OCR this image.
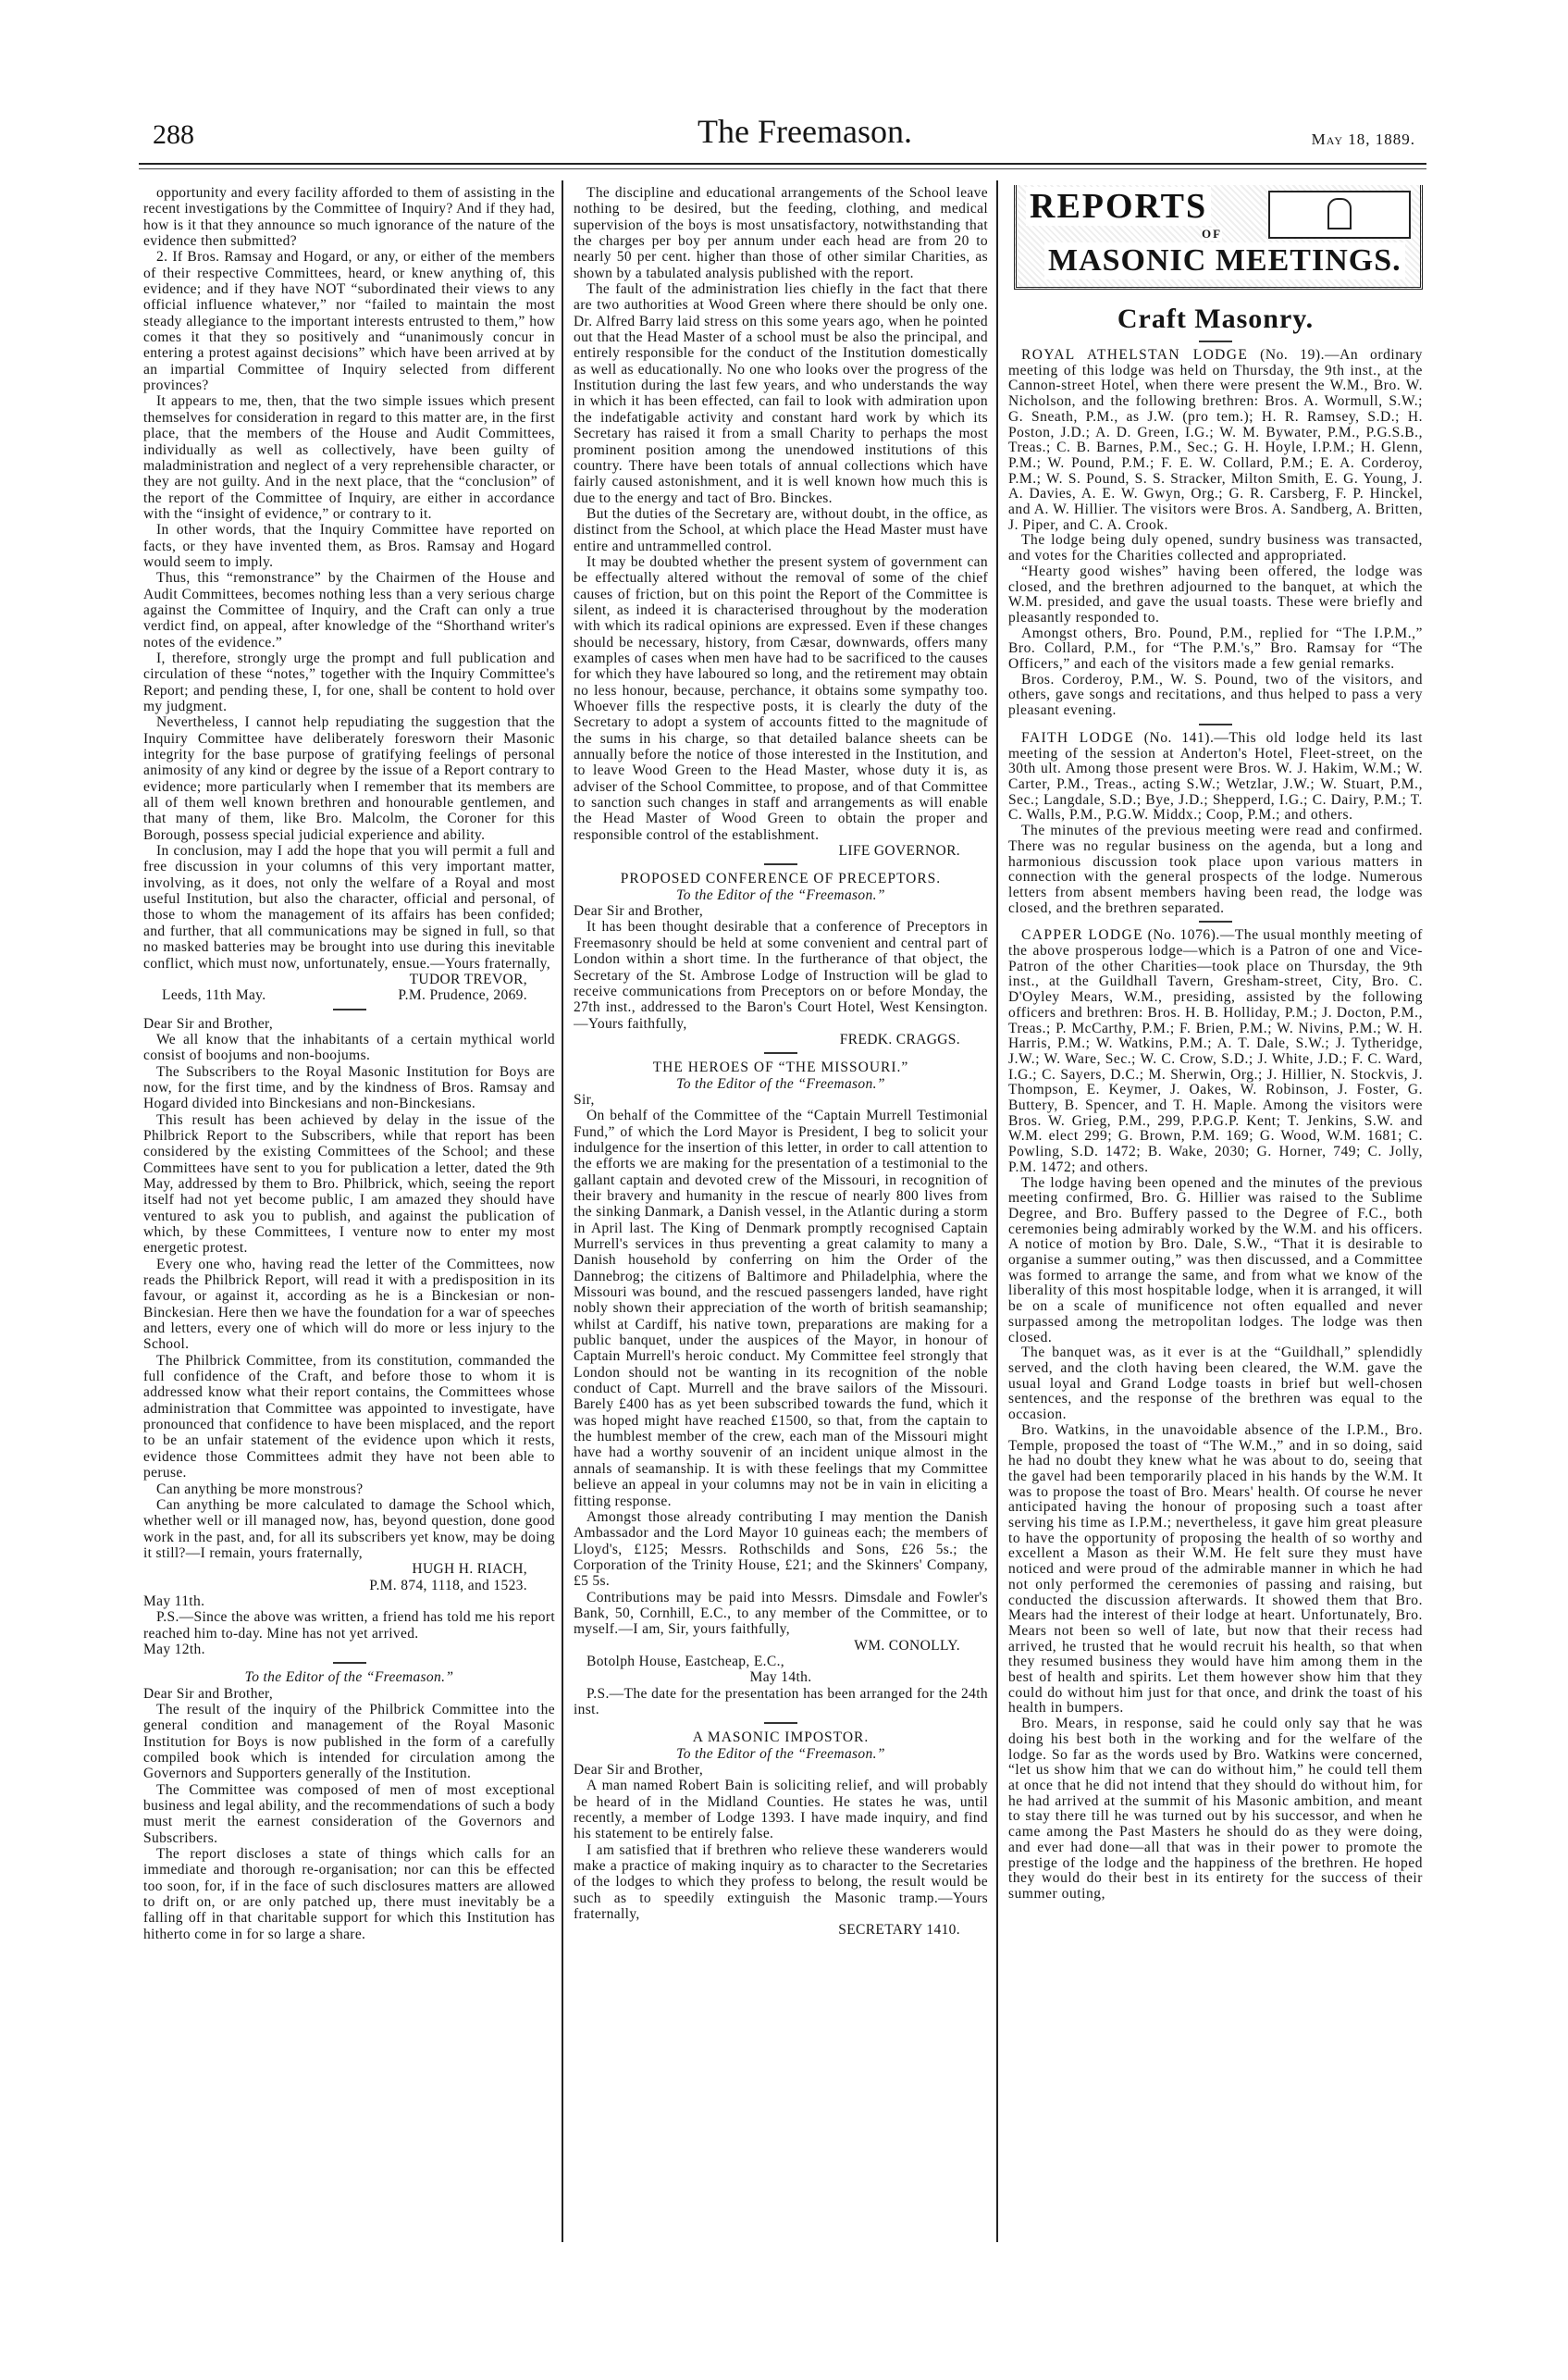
288	The Freemason.	May 18, 1889.

opportunity and every facility afforded to them of assisting in the recent investigations by the Committee of Inquiry? And if they had, how is it that they announce so much ignorance of the nature of the evidence then submitted?

2. If Bros. Ramsay and Hogard, or any, or either of the members of their respective Committees, heard, or knew anything of, this evidence; and if they have NOT “subordinated their views to any official influence whatever,” nor “failed to maintain the most steady allegiance to the important interests entrusted to them,” how comes it that they so positively and “unanimously concur in entering a protest against decisions” which have been arrived at by an impartial Committee of Inquiry selected from different provinces?

It appears to me, then, that the two simple issues which present themselves for consideration in regard to this matter are, in the first place, that the members of the House and Audit Committees, individually as well as collectively, have been guilty of maladministration and neglect of a very reprehensible character, or they are not guilty. And in the next place, that the “conclusion” of the report of the Committee of Inquiry, are either in accordance with the “insight of evidence,” or contrary to it.

In other words, that the Inquiry Committee have reported on facts, or they have invented them, as Bros. Ramsay and Hogard would seem to imply.

Thus, this “remonstrance” by the Chairmen of the House and Audit Committees, becomes nothing less than a very serious charge against the Committee of Inquiry, and the Craft can only a true verdict find, on appeal, after knowledge of the “Shorthand writer's notes of the evidence.”

I, therefore, strongly urge the prompt and full publication and circulation of these “notes,” together with the Inquiry Committee's Report; and pending these, I, for one, shall be content to hold over my judgment.

Nevertheless, I cannot help repudiating the suggestion that the Inquiry Committee have deliberately foresworn their Masonic integrity for the base purpose of gratifying feelings of personal animosity of any kind or degree by the issue of a Report contrary to evidence; more particularly when I remember that its members are all of them well known brethren and honourable gentlemen, and that many of them, like Bro. Malcolm, the Coroner for this Borough, possess special judicial experience and ability.

In conclusion, may I add the hope that you will permit a full and free discussion in your columns of this very important matter, involving, as it does, not only the welfare of a Royal and most useful Institution, but also the character, official and personal, of those to whom the management of its affairs has been confided; and further, that all communications may be signed in full, so that no masked batteries may be brought into use during this inevitable conflict, which must now, unfortunately, ensue.—Yours fraternally,

TUDOR TREVOR,

Leeds, 11th May.	P.M. Prudence, 2069.

Dear Sir and Brother,

We all know that the inhabitants of a certain mythical world consist of boojums and non-boojums.

The Subscribers to the Royal Masonic Institution for Boys are now, for the first time, and by the kindness of Bros. Ramsay and Hogard divided into Binckesians and non-Binckesians.

This result has been achieved by delay in the issue of the Philbrick Report to the Subscribers, while that report has been considered by the existing Committees of the School; and these Committees have sent to you for publication a letter, dated the 9th May, addressed by them to Bro. Philbrick, which, seeing the report itself had not yet become public, I am amazed they should have ventured to ask you to publish, and against the publication of which, by these Committees, I venture now to enter my most energetic protest.

Every one who, having read the letter of the Committees, now reads the Philbrick Report, will read it with a predisposition in its favour, or against it, according as he is a Binckesian or non-Binckesian. Here then we have the foundation for a war of speeches and letters, every one of which will do more or less injury to the School.

The Philbrick Committee, from its constitution, commanded the full confidence of the Craft, and before those to whom it is addressed know what their report contains, the Committees whose administration that Committee was appointed to investigate, have pronounced that confidence to have been misplaced, and the report to be an unfair statement of the evidence upon which it rests, evidence those Committees admit they have not been able to peruse.

Can anything be more monstrous?

Can anything be more calculated to damage the School which, whether well or ill managed now, has, beyond question, done good work in the past, and, for all its subscribers yet know, may be doing it still?—I remain, yours fraternally,

HUGH H. RIACH,

P.M. 874, 1118, and 1523.

May 11th.

P.S.—Since the above was written, a friend has told me his report reached him to-day. Mine has not yet arrived.

May 12th.

To the Editor of the “Freemason.”

Dear Sir and Brother,

The result of the inquiry of the Philbrick Committee into the general condition and management of the Royal Masonic Institution for Boys is now published in the form of a carefully compiled book which is intended for circulation among the Governors and Supporters generally of the Institution.

The Committee was composed of men of most exceptional business and legal ability, and the recommendations of such a body must merit the earnest consideration of the Governors and Subscribers.

The report discloses a state of things which calls for an immediate and thorough re-organisation; nor can this be effected too soon, for, if in the face of such disclosures matters are allowed to drift on, or are only patched up, there must inevitably be a falling off in that charitable support for which this Institution has hitherto come in for so large a share.

The discipline and educational arrangements of the School leave nothing to be desired, but the feeding, clothing, and medical supervision of the boys is most unsatisfactory, notwithstanding that the charges per boy per annum under each head are from 20 to nearly 50 per cent. higher than those of other similar Charities, as shown by a tabulated analysis published with the report.

The fault of the administration lies chiefly in the fact that there are two authorities at Wood Green where there should be only one. Dr. Alfred Barry laid stress on this some years ago, when he pointed out that the Head Master of a school must be also the principal, and entirely responsible for the conduct of the Institution domestically as well as educationally. No one who looks over the progress of the Institution during the last few years, and who understands the way in which it has been effected, can fail to look with admiration upon the indefatigable activity and constant hard work by which its Secretary has raised it from a small Charity to perhaps the most prominent position among the unendowed institutions of this country. There have been totals of annual collections which have fairly caused astonishment, and it is well known how much this is due to the energy and tact of Bro. Binckes.

But the duties of the Secretary are, without doubt, in the office, as distinct from the School, at which place the Head Master must have entire and untrammelled control.

It may be doubted whether the present system of government can be effectually altered without the removal of some of the chief causes of friction, but on this point the Report of the Committee is silent, as indeed it is characterised throughout by the moderation with which its radical opinions are expressed. Even if these changes should be necessary, history, from Cæsar, downwards, offers many examples of cases when men have had to be sacrificed to the causes for which they have laboured so long, and the retirement may obtain no less honour, because, perchance, it obtains some sympathy too. Whoever fills the respective posts, it is clearly the duty of the Secretary to adopt a system of accounts fitted to the magnitude of the sums in his charge, so that detailed balance sheets can be annually before the notice of those interested in the Institution, and to leave Wood Green to the Head Master, whose duty it is, as adviser of the School Committee, to propose, and of that Committee to sanction such changes in staff and arrangements as will enable the Head Master of Wood Green to obtain the proper and responsible control of the establishment.

LIFE GOVERNOR.

PROPOSED CONFERENCE OF PRECEPTORS.

To the Editor of the “Freemason.”

Dear Sir and Brother,

It has been thought desirable that a conference of Preceptors in Freemasonry should be held at some convenient and central part of London within a short time. In the furtherance of that object, the Secretary of the St. Ambrose Lodge of Instruction will be glad to receive communications from Preceptors on or before Monday, the 27th inst., addressed to the Baron's Court Hotel, West Kensington.—Yours faithfully,

FREDK. CRAGGS.

THE HEROES OF “THE MISSOURI.”

To the Editor of the “Freemason.”

Sir,

On behalf of the Committee of the “Captain Murrell Testimonial Fund,” of which the Lord Mayor is President, I beg to solicit your indulgence for the insertion of this letter, in order to call attention to the efforts we are making for the presentation of a testimonial to the gallant captain and devoted crew of the Missouri, in recognition of their bravery and humanity in the rescue of nearly 800 lives from the sinking Danmark, a Danish vessel, in the Atlantic during a storm in April last. The King of Denmark promptly recognised Captain Murrell's services in thus preventing a great calamity to many a Danish household by conferring on him the Order of the Dannebrog; the citizens of Baltimore and Philadelphia, where the Missouri was bound, and the rescued passengers landed, have right nobly shown their appreciation of the worth of british seamanship; whilst at Cardiff, his native town, preparations are making for a public banquet, under the auspices of the Mayor, in honour of Captain Murrell's heroic conduct. My Committee feel strongly that London should not be wanting in its recognition of the noble conduct of Capt. Murrell and the brave sailors of the Missouri. Barely £400 has as yet been subscribed towards the fund, which it was hoped might have reached £1500, so that, from the captain to the humblest member of the crew, each man of the Missouri might have had a worthy souvenir of an incident unique almost in the annals of seamanship. It is with these feelings that my Committee believe an appeal in your columns may not be in vain in eliciting a fitting response.

Amongst those already contributing I may mention the Danish Ambassador and the Lord Mayor 10 guineas each; the members of Lloyd's, £125; Messrs. Rothschilds and Sons, £26 5s.; the Corporation of the Trinity House, £21; and the Skinners' Company, £5 5s.

Contributions may be paid into Messrs. Dimsdale and Fowler's Bank, 50, Cornhill, E.C., to any member of the Committee, or to myself.—I am, Sir, yours faithfully,

WM. CONOLLY.

Botolph House, Eastcheap, E.C.,

May 14th.

P.S.—The date for the presentation has been arranged for the 24th inst.

A MASONIC IMPOSTOR.

To the Editor of the “Freemason.”

Dear Sir and Brother,

A man named Robert Bain is soliciting relief, and will probably be heard of in the Midland Counties. He states he was, until recently, a member of Lodge 1393. I have made inquiry, and find his statement to be entirely false.

I am satisfied that if brethren who relieve these wanderers would make a practice of making inquiry as to character to the Secretaries of the lodges to which they profess to belong, the result would be such as to speedily extinguish the Masonic tramp.—Yours fraternally,

SECRETARY 1410.

REPORTS
OF
MASONIC MEETINGS.
Craft Masonry.

ROYAL ATHELSTAN LODGE (No. 19).—An ordinary meeting of this lodge was held on Thursday, the 9th inst., at the Cannon-street Hotel, when there were present the W.M., Bro. W. Nicholson, and the following brethren: Bros. A. Wormull, S.W.; G. Sneath, P.M., as J.W. (pro tem.); H. R. Ramsey, S.D.; H. Poston, J.D.; A. D. Green, I.G.; W. M. Bywater, P.M., P.G.S.B., Treas.; C. B. Barnes, P.M., Sec.; G. H. Hoyle, I.P.M.; H. Glenn, P.M.; W. Pound, P.M.; F. E. W. Collard, P.M.; E. A. Corderoy, P.M.; W. S. Pound, S. S. Stracker, Milton Smith, E. G. Young, J. A. Davies, A. E. W. Gwyn, Org.; G. R. Carsberg, F. P. Hinckel, and A. W. Hillier. The visitors were Bros. A. Sandberg, A. Britten, J. Piper, and C. A. Crook.

The lodge being duly opened, sundry business was transacted, and votes for the Charities collected and appropriated.

“Hearty good wishes” having been offered, the lodge was closed, and the brethren adjourned to the banquet, at which the W.M. presided, and gave the usual toasts. These were briefly and pleasantly responded to.

Amongst others, Bro. Pound, P.M., replied for “The I.P.M.,” Bro. Collard, P.M., for “The P.M.'s,” Bro. Ramsay for “The Officers,” and each of the visitors made a few genial remarks.

Bros. Corderoy, P.M., W. S. Pound, two of the visitors, and others, gave songs and recitations, and thus helped to pass a very pleasant evening.

FAITH LODGE (No. 141).—This old lodge held its last meeting of the session at Anderton's Hotel, Fleet-street, on the 30th ult. Among those present were Bros. W. J. Hakim, W.M.; W. Carter, P.M., Treas., acting S.W.; Wetzlar, J.W.; W. Stuart, P.M., Sec.; Langdale, S.D.; Bye, J.D.; Shepperd, I.G.; C. Dairy, P.M.; T. C. Walls, P.M., P.G.W. Middx.; Coop, P.M.; and others.

The minutes of the previous meeting were read and confirmed. There was no regular business on the agenda, but a long and harmonious discussion took place upon various matters in connection with the general prospects of the lodge. Numerous letters from absent members having been read, the lodge was closed, and the brethren separated.

CAPPER LODGE (No. 1076).—The usual monthly meeting of the above prosperous lodge—which is a Patron of one and Vice-Patron of the other Charities—took place on Thursday, the 9th inst., at the Guildhall Tavern, Gresham-street, City, Bro. C. D'Oyley Mears, W.M., presiding, assisted by the following officers and brethren: Bros. H. B. Holliday, P.M.; J. Docton, P.M., Treas.; P. McCarthy, P.M.; F. Brien, P.M.; W. Nivins, P.M.; W. H. Harris, P.M.; W. Watkins, P.M.; A. T. Dale, S.W.; J. Tytheridge, J.W.; W. Ware, Sec.; W. C. Crow, S.D.; J. White, J.D.; F. C. Ward, I.G.; C. Sayers, D.C.; M. Sherwin, Org.; J. Hillier, N. Stockvis, J. Thompson, E. Keymer, J. Oakes, W. Robinson, J. Foster, G. Buttery, B. Spencer, and T. H. Maple. Among the visitors were Bros. W. Grieg, P.M., 299, P.P.G.P. Kent; T. Jenkins, S.W. and W.M. elect 299; G. Brown, P.M. 169; G. Wood, W.M. 1681; C. Powling, S.D. 1472; B. Wake, 2030; G. Horner, 749; C. Jolly, P.M. 1472; and others.

The lodge having been opened and the minutes of the previous meeting confirmed, Bro. G. Hillier was raised to the Sublime Degree, and Bro. Buffery passed to the Degree of F.C., both ceremonies being admirably worked by the W.M. and his officers. A notice of motion by Bro. Dale, S.W., “That it is desirable to organise a summer outing,” was then discussed, and a Committee was formed to arrange the same, and from what we know of the liberality of this most hospitable lodge, when it is arranged, it will be on a scale of munificence not often equalled and never surpassed among the metropolitan lodges. The lodge was then closed.

The banquet was, as it ever is at the “Guildhall,” splendidly served, and the cloth having been cleared, the W.M. gave the usual loyal and Grand Lodge toasts in brief but well-chosen sentences, and the response of the brethren was equal to the occasion.

Bro. Watkins, in the unavoidable absence of the I.P.M., Bro. Temple, proposed the toast of “The W.M.,” and in so doing, said he had no doubt they knew what he was about to do, seeing that the gavel had been temporarily placed in his hands by the W.M. It was to propose the toast of Bro. Mears' health. Of course he never anticipated having the honour of proposing such a toast after serving his time as I.P.M.; nevertheless, it gave him great pleasure to have the opportunity of proposing the health of so worthy and excellent a Mason as their W.M. He felt sure they must have noticed and were proud of the admirable manner in which he had not only performed the ceremonies of passing and raising, but conducted the discussion afterwards. It showed them that Bro. Mears had the interest of their lodge at heart. Unfortunately, Bro. Mears not been so well of late, but now that their recess had arrived, he trusted that he would recruit his health, so that when they resumed business they would have him among them in the best of health and spirits. Let them however show him that they could do without him just for that once, and drink the toast of his health in bumpers.

Bro. Mears, in response, said he could only say that he was doing his best both in the working and for the welfare of the lodge. So far as the words used by Bro. Watkins were concerned, “let us show him that we can do without him,” he could tell them at once that he did not intend that they should do without him, for he had arrived at the summit of his Masonic ambition, and meant to stay there till he was turned out by his successor, and when he came among the Past Masters he should do as they were doing, and ever had done—all that was in their power to promote the prestige of the lodge and the happiness of the brethren. He hoped they would do their best in its entirety for the success of their summer outing,
